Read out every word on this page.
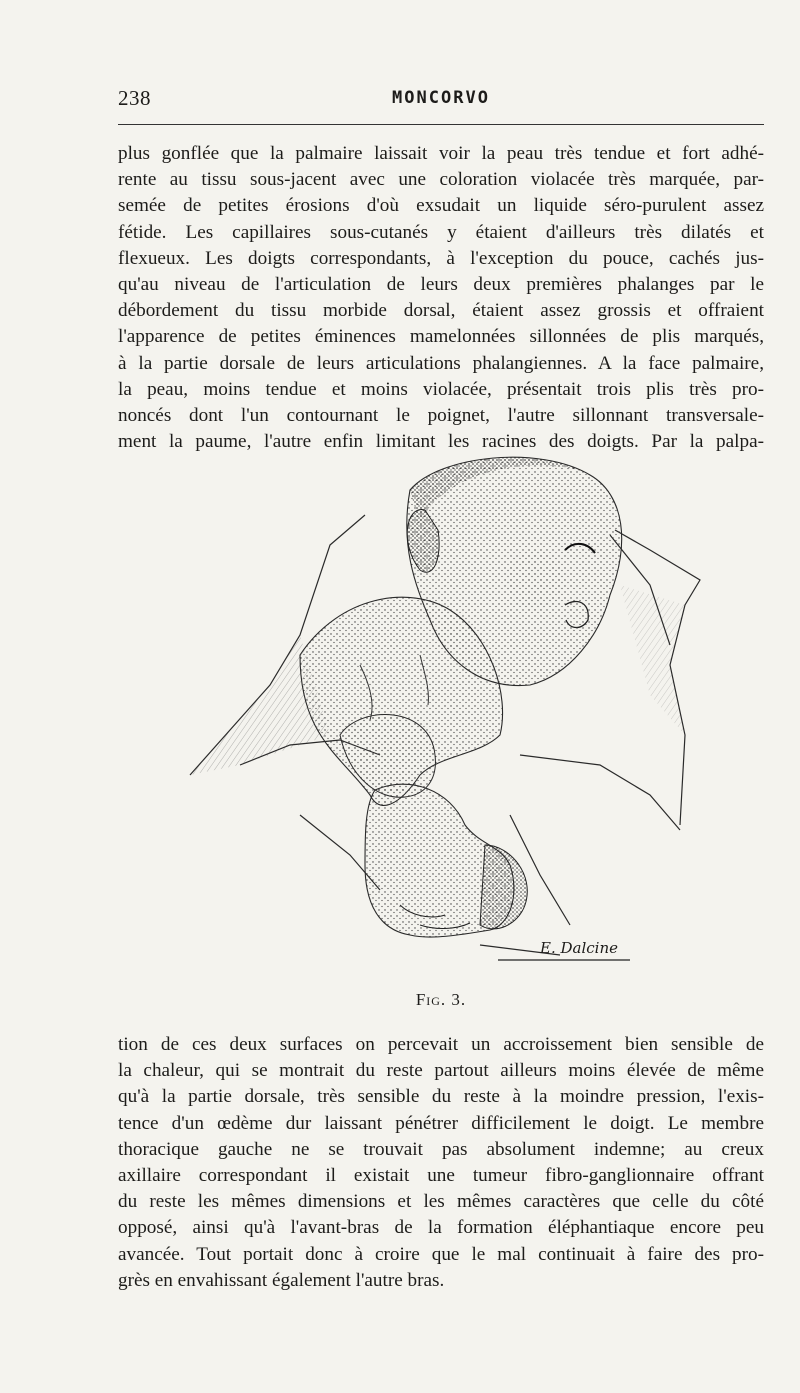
238	MONCORVO
plus gonflée que la palmaire laissait voir la peau très tendue et fort adhé-
rente au tissu sous-jacent avec une coloration violacée très marquée, par-
semée de petites érosions d'où exsudait un liquide séro-purulent assez
fétide. Les capillaires sous-cutanés y étaient d'ailleurs très dilatés et
flexueux. Les doigts correspondants, à l'exception du pouce, cachés jus-
qu'au niveau de l'articulation de leurs deux premières phalanges par le
débordement du tissu morbide dorsal, étaient assez grossis et offraient
l'apparence de petites éminences mamelonnées sillonnées de plis marqués,
à la partie dorsale de leurs articulations phalangiennes. A la face palmaire,
la peau, moins tendue et moins violacée, présentait trois plis très pro-
noncés dont l'un contournant le poignet, l'autre sillonnant transversale-
ment la paume, l'autre enfin limitant les racines des doigts. Par la palpa-
E. Dalcine
Fig. 3.
tion de ces deux surfaces on percevait un accroissement bien sensible de
la chaleur, qui se montrait du reste partout ailleurs moins élevée de même
qu'à la partie dorsale, très sensible du reste à la moindre pression, l'exis-
tence d'un œdème dur laissant pénétrer difficilement le doigt. Le membre
thoracique gauche ne se trouvait pas absolument indemne; au creux
axillaire correspondant il existait une tumeur fibro-ganglionnaire offrant
du reste les mêmes dimensions et les mêmes caractères que celle du côté
opposé, ainsi qu'à l'avant-bras de la formation éléphantiaque encore peu
avancée. Tout portait donc à croire que le mal continuait à faire des pro-
grès en envahissant également l'autre bras.
